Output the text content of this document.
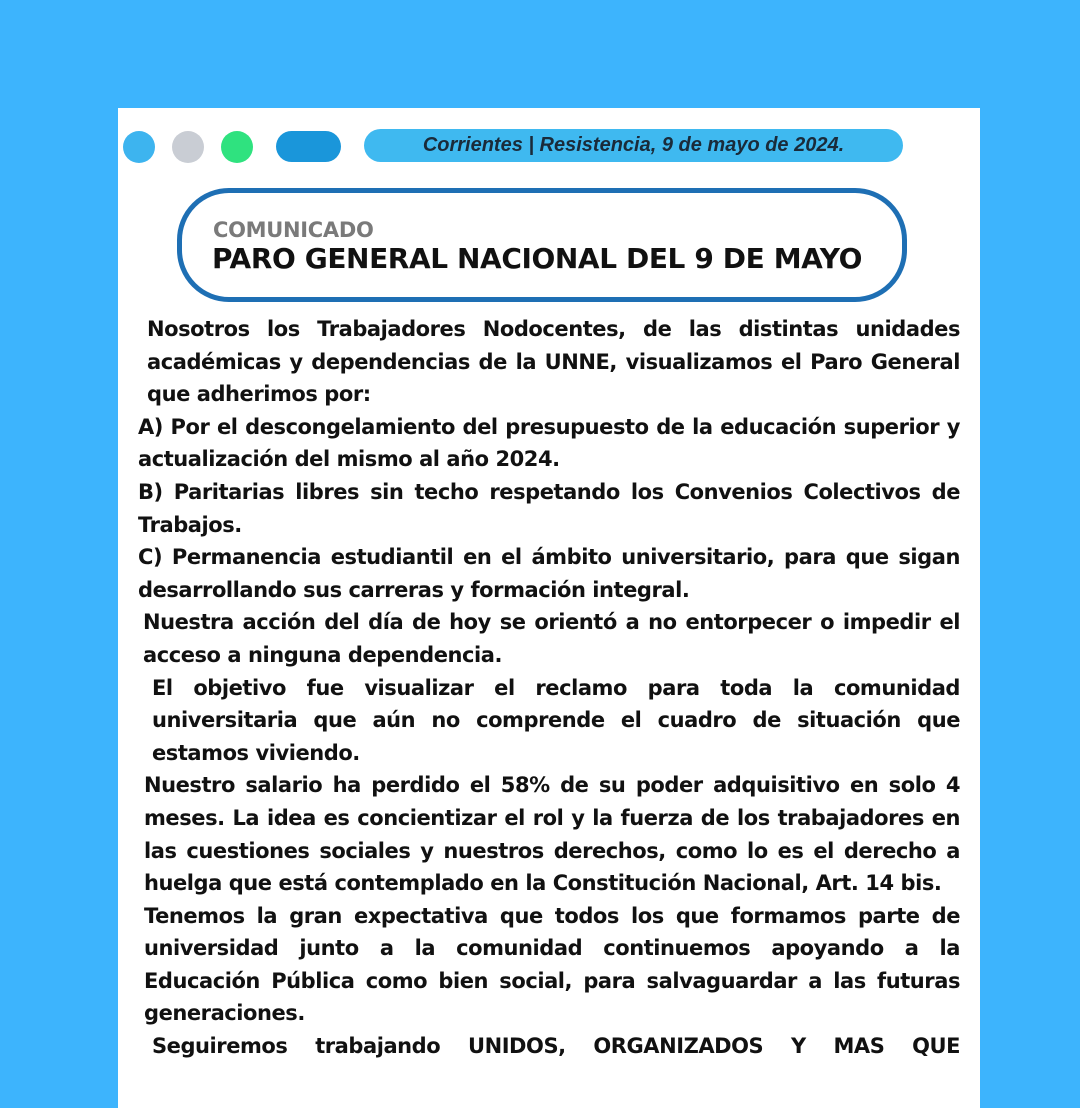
Corrientes | Resistencia, 9 de mayo de 2024.
COMUNICADO
PARO GENERAL NACIONAL DEL 9 DE MAYO

Nosotros los Trabajadores Nodocentes, de las distintas unidades académicas y dependencias de la UNNE, visualizamos el Paro General que adherimos por:

A) Por el descongelamiento del presupuesto de la educación superior y actualización del mismo al año 2024.

B) Paritarias libres sin techo respetando los Convenios Colectivos de Trabajos.

C) Permanencia estudiantil en el ámbito universitario, para que sigan desarrollando sus carreras y formación integral.

Nuestra acción del día de hoy se orientó a no entorpecer o impedir el acceso a ninguna dependencia.

El objetivo fue visualizar el reclamo para toda la comunidad universitaria que aún no comprende el cuadro de situación que estamos viviendo.

Nuestro salario ha perdido el 58% de su poder adquisitivo en solo 4 meses. La idea es concientizar el rol y la fuerza de los trabajadores en las cuestiones sociales y nuestros derechos, como lo es el derecho a huelga que está contemplado en la Constitución Nacional, Art. 14 bis.

Tenemos la gran expectativa que todos los que formamos parte de universidad junto a la comunidad continuemos apoyando a la Educación Pública como bien social, para salvaguardar a las futuras generaciones.

Seguiremos trabajando UNIDOS, ORGANIZADOS Y MAS QUE
